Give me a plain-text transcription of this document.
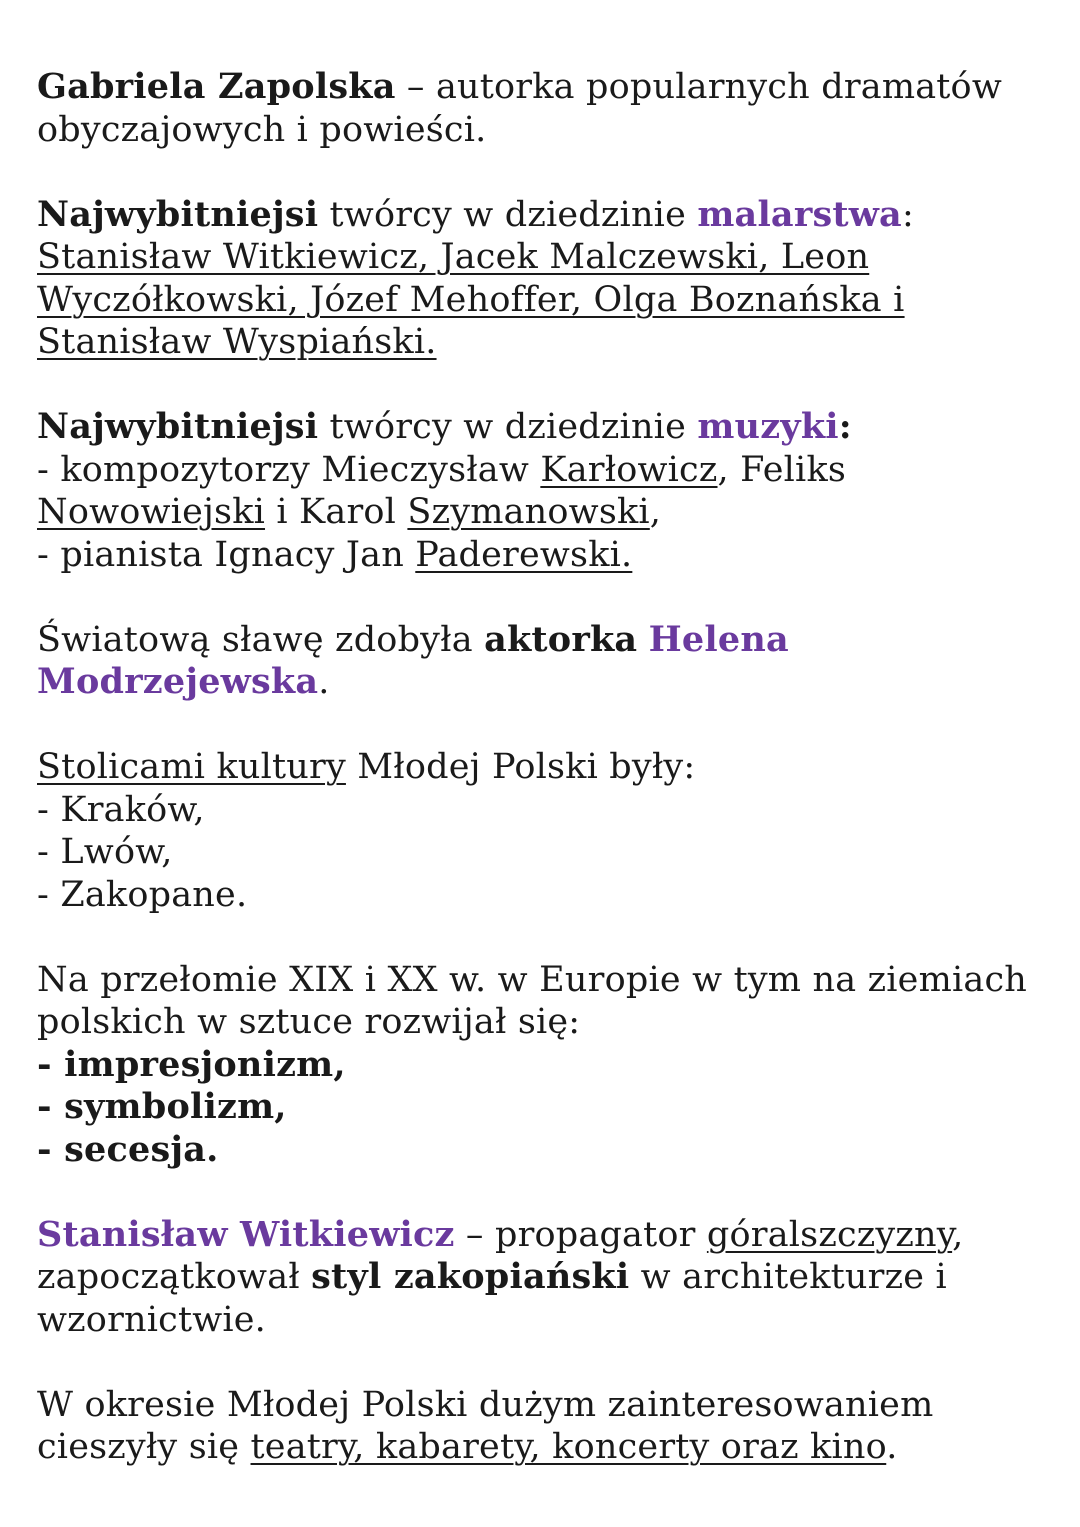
Gabriela Zapolska – autorka popularnych dramatów
obyczajowych i powieści.
Najwybitniejsi twórcy w dziedzinie malarstwa:
Stanisław Witkiewicz, Jacek Malczewski, Leon
Wyczółkowski, Józef Mehoffer, Olga Boznańska i
Stanisław Wyspiański.
Najwybitniejsi twórcy w dziedzinie muzyki:
- kompozytorzy Mieczysław Karłowicz, Feliks
Nowowiejski i Karol Szymanowski,
- pianista Ignacy Jan Paderewski.
Światową sławę zdobyła aktorka Helena
Modrzejewska.
Stolicami kultury Młodej Polski były:
- Kraków,
- Lwów,
- Zakopane.
Na przełomie XIX i XX w. w Europie w tym na ziemiach
polskich w sztuce rozwijał się:
- impresjonizm,
- symbolizm,
- secesja.
Stanisław Witkiewicz – propagator góralszczyzny,
zapoczątkował styl zakopiański w architekturze i
wzornictwie.
W okresie Młodej Polski dużym zainteresowaniem
cieszyły się teatry, kabarety, koncerty oraz kino.
